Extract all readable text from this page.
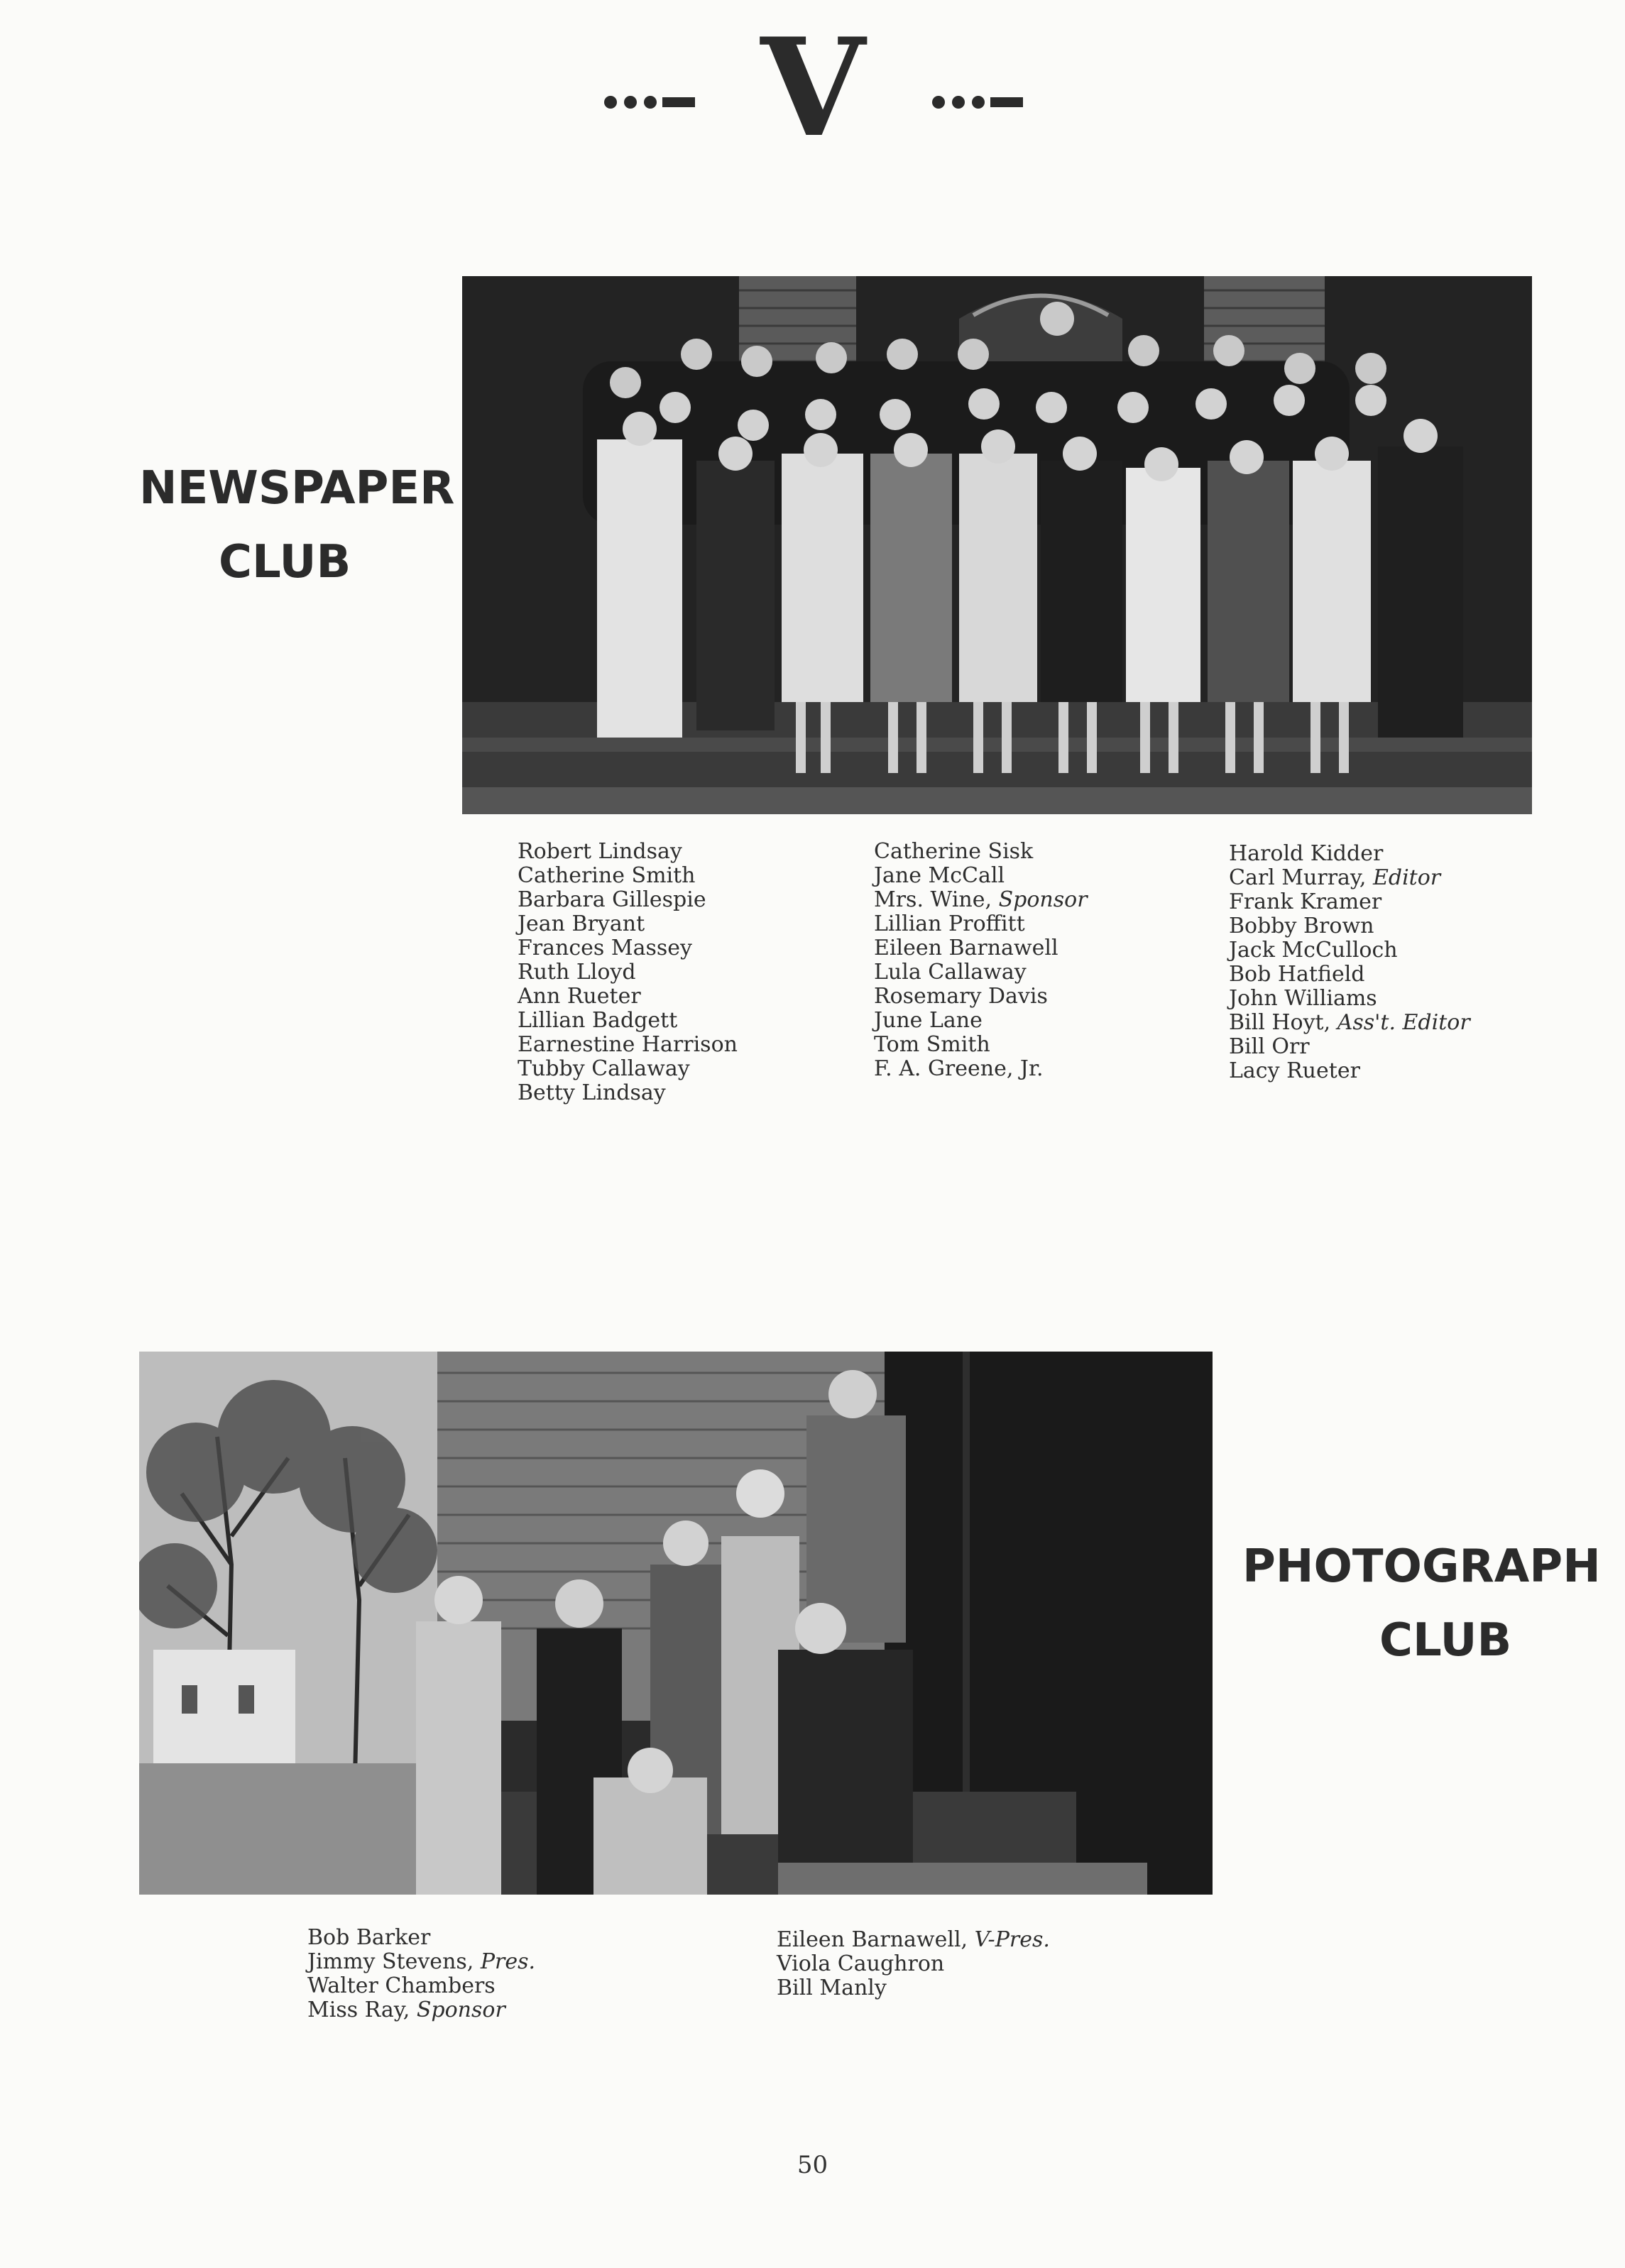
V
NEWSPAPER
CLUB
Robert Lindsay
Catherine Smith
Barbara Gillespie
Jean Bryant
Frances Massey
Ruth Lloyd
Ann Rueter
Lillian Badgett
Earnestine Harrison
Tubby Callaway
Betty Lindsay
Catherine Sisk
Jane McCall
Mrs. Wine, Sponsor
Lillian Proffitt
Eileen Barnawell
Lula Callaway
Rosemary Davis
June Lane
Tom Smith
F. A. Greene, Jr.
Harold Kidder
Carl Murray, Editor
Frank Kramer
Bobby Brown
Jack McCulloch
Bob Hatfield
John Williams
Bill Hoyt, Ass't. Editor
Bill Orr
Lacy Rueter
PHOTOGRAPH
CLUB
Bob Barker
Jimmy Stevens, Pres.
Walter Chambers
Miss Ray, Sponsor
Eileen Barnawell, V-Pres.
Viola Caughron
Bill Manly
50
